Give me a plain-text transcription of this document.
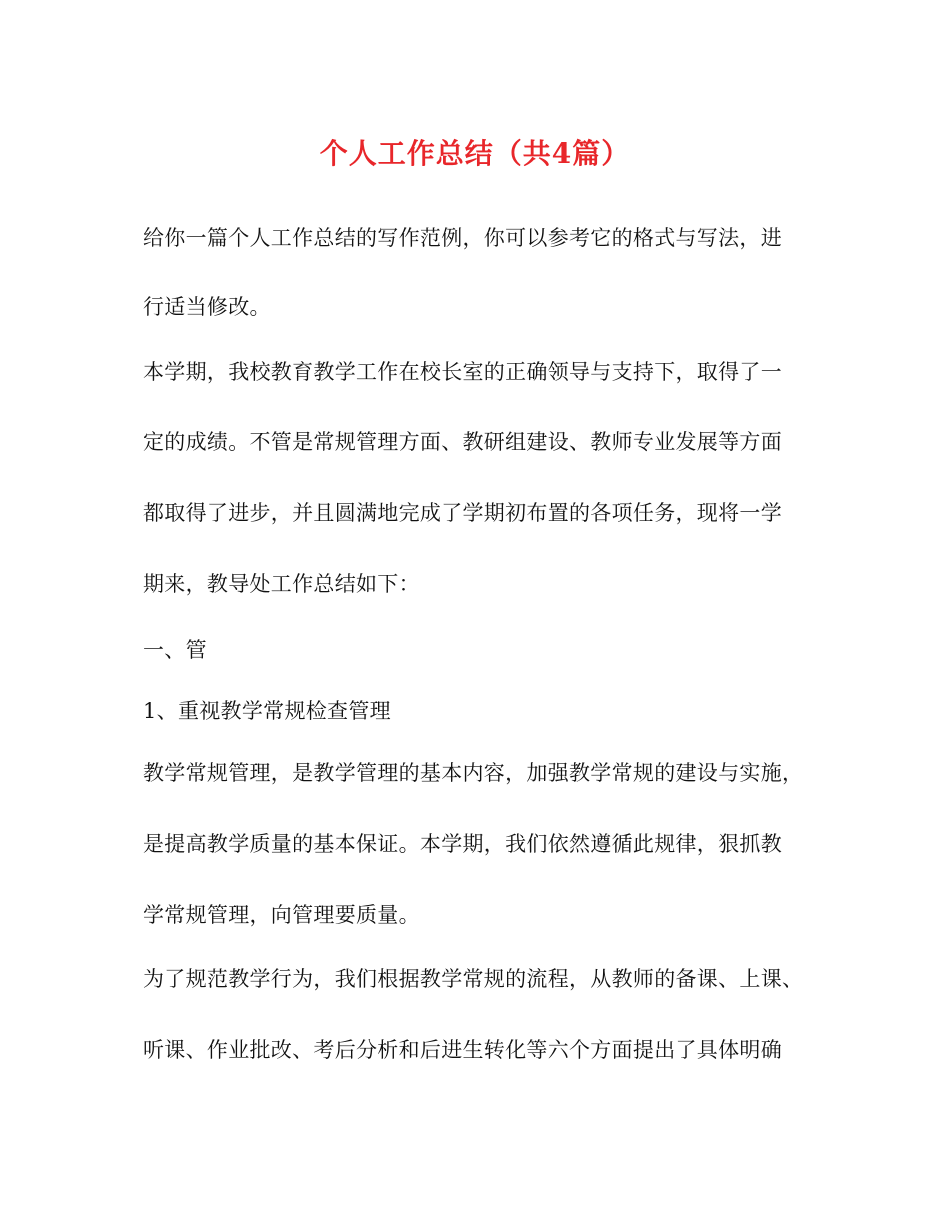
个人工作总结（共4篇）
给你一篇个人工作总结的写作范例，你可以参考它的格式与写法，进
行适当修改。
本学期，我校教育教学工作在校长室的正确领导与支持下，取得了一
定的成绩。不管是常规管理方面、教研组建设、教师专业发展等方面
都取得了进步，并且圆满地完成了学期初布置的各项任务，现将一学
期来，教导处工作总结如下：
一、管
1、重视教学常规检查管理
教学常规管理，是教学管理的基本内容，加强教学常规的建设与实施，
是提高教学质量的基本保证。本学期，我们依然遵循此规律，狠抓教
学常规管理，向管理要质量。
为了规范教学行为，我们根据教学常规的流程，从教师的备课、上课、
听课、作业批改、考后分析和后进生转化等六个方面提出了具体明确
